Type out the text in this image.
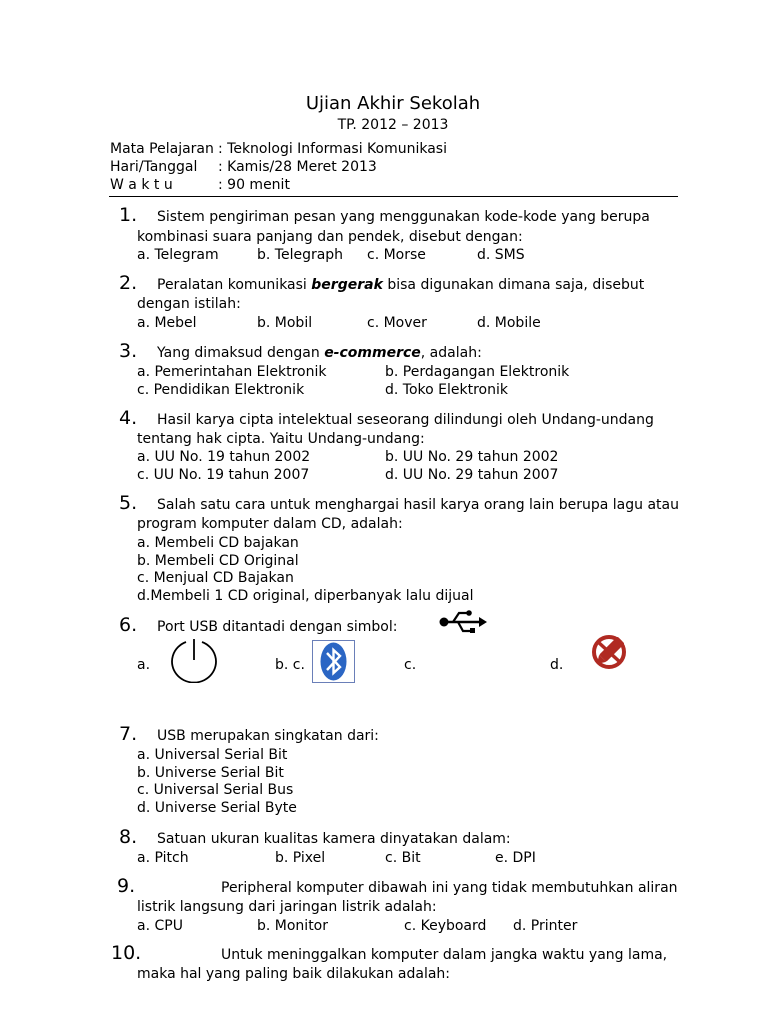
Ujian Akhir Sekolah
TP. 2012 – 2013
Mata Pelajaran : Teknologi Informasi Komunikasi
Hari/Tanggal : Kamis/28 Meret 2013
W a k t u	: 90 menit
1. Sistem pengiriman pesan yang menggunakan kode-kode yang berupa
kombinasi suara panjang dan pendek, disebut dengan:
a. Telegram	b. Telegraph c. Morse	d. SMS
2. Peralatan komunikasi bergerak bisa digunakan dimana saja, disebut
dengan istilah:
a. Mebel	b. Mobil	c. Mover	d. Mobile
3. Yang dimaksud dengan e-commerce, adalah:
a. Pemerintahan Elektronik	b. Perdagangan Elektronik
c. Pendidikan Elektronik	d. Toko Elektronik
4. Hasil karya cipta intelektual seseorang dilindungi oleh Undang-undang
tentang hak cipta. Yaitu Undang-undang:
a. UU No. 19 tahun 2002	b. UU No. 29 tahun 2002
c. UU No. 19 tahun 2007	d. UU No. 29 tahun 2007
5. Salah satu cara untuk menghargai hasil karya orang lain berupa lagu atau
program komputer dalam CD, adalah:
a. Membeli CD bajakan
b. Membeli CD Original
c. Menjual CD Bajakan
d.Membeli 1 CD original, diperbanyak lalu dijual
6. Port USB ditantadi dengan simbol:
a.	b. c.	c.	d.
7. USB merupakan singkatan dari:
a. Universal Serial Bit
b. Universe Serial Bit
c. Universal Serial Bus
d. Universe Serial Byte
8. Satuan ukuran kualitas kamera dinyatakan dalam:
a. Pitch	b. Pixel	c. Bit	e. DPI
9.	Peripheral komputer dibawah ini yang tidak membutuhkan aliran
listrik langsung dari jaringan listrik adalah:
a. CPU	b. Monitor	c. Keyboard d. Printer
10.	Untuk meninggalkan komputer dalam jangka waktu yang lama,
maka hal yang paling baik dilakukan adalah:
